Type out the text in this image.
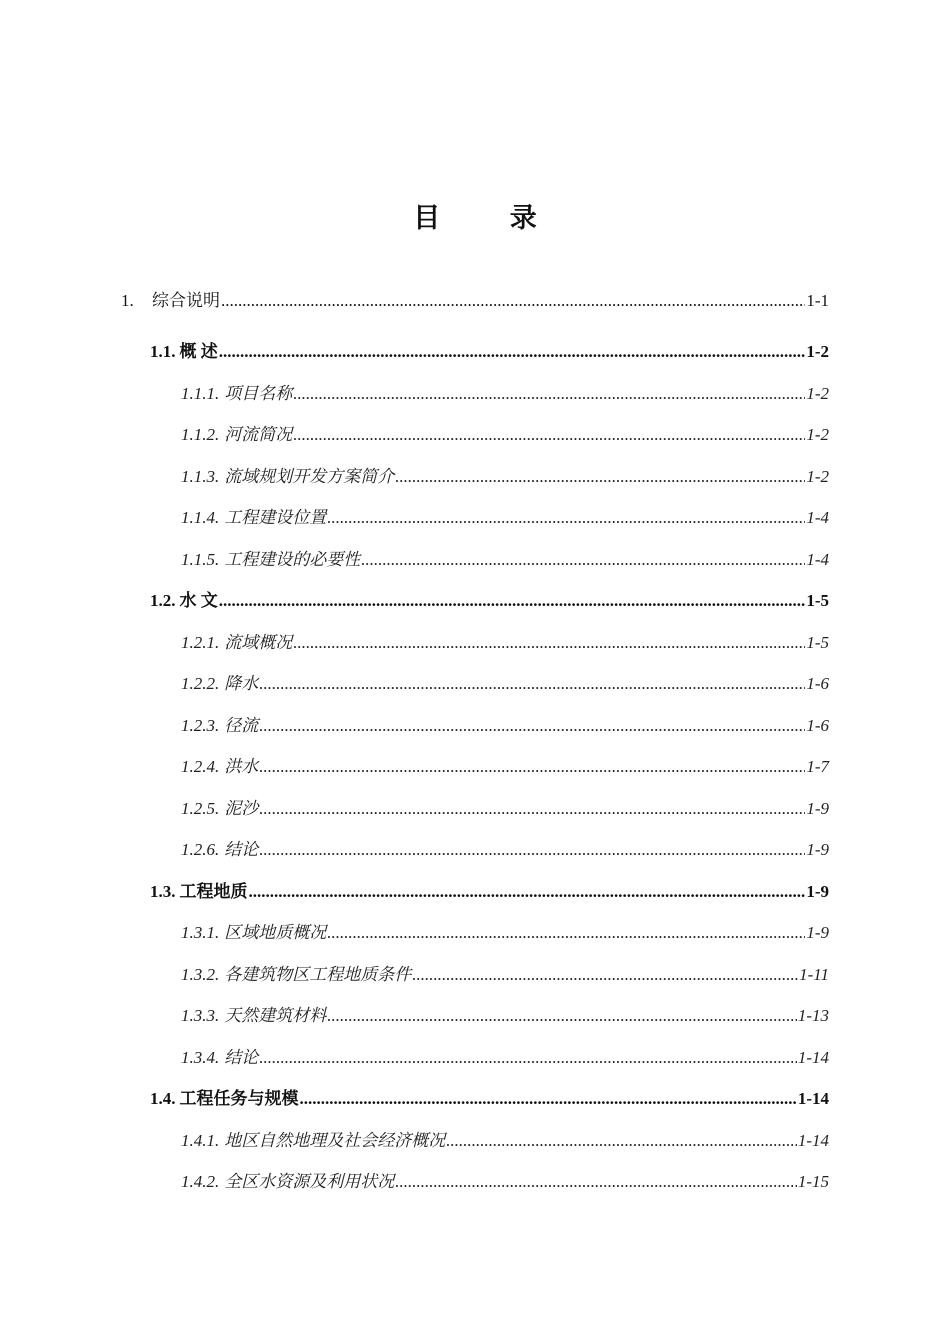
目	录
1.	综合说明 .....	1-1
1.1. 概 述 .....	1-2
1.1.1. 项目名称 .....	1-2
1.1.2. 河流简况 .....	1-2
1.1.3. 流域规划开发方案简介 .....	1-2
1.1.4. 工程建设位置 .....	1-4
1.1.5. 工程建设的必要性 .....	1-4
1.2. 水 文 .....	1-5
1.2.1. 流域概况 .....	1-5
1.2.2. 降水 .....	1-6
1.2.3. 径流 .....	1-6
1.2.4. 洪水 .....	1-7
1.2.5. 泥沙 .....	1-9
1.2.6. 结论 .....	1-9
1.3. 工程地质 .....	1-9
1.3.1. 区域地质概况 .....	1-9
1.3.2. 各建筑物区工程地质条件 .....	1-11
1.3.3. 天然建筑材料 .....	1-13
1.3.4. 结论 .....	1-14
1.4. 工程任务与规模 .....	1-14
1.4.1. 地区自然地理及社会经济概况 .....	1-14
1.4.2. 全区水资源及利用状况 .....	1-15
